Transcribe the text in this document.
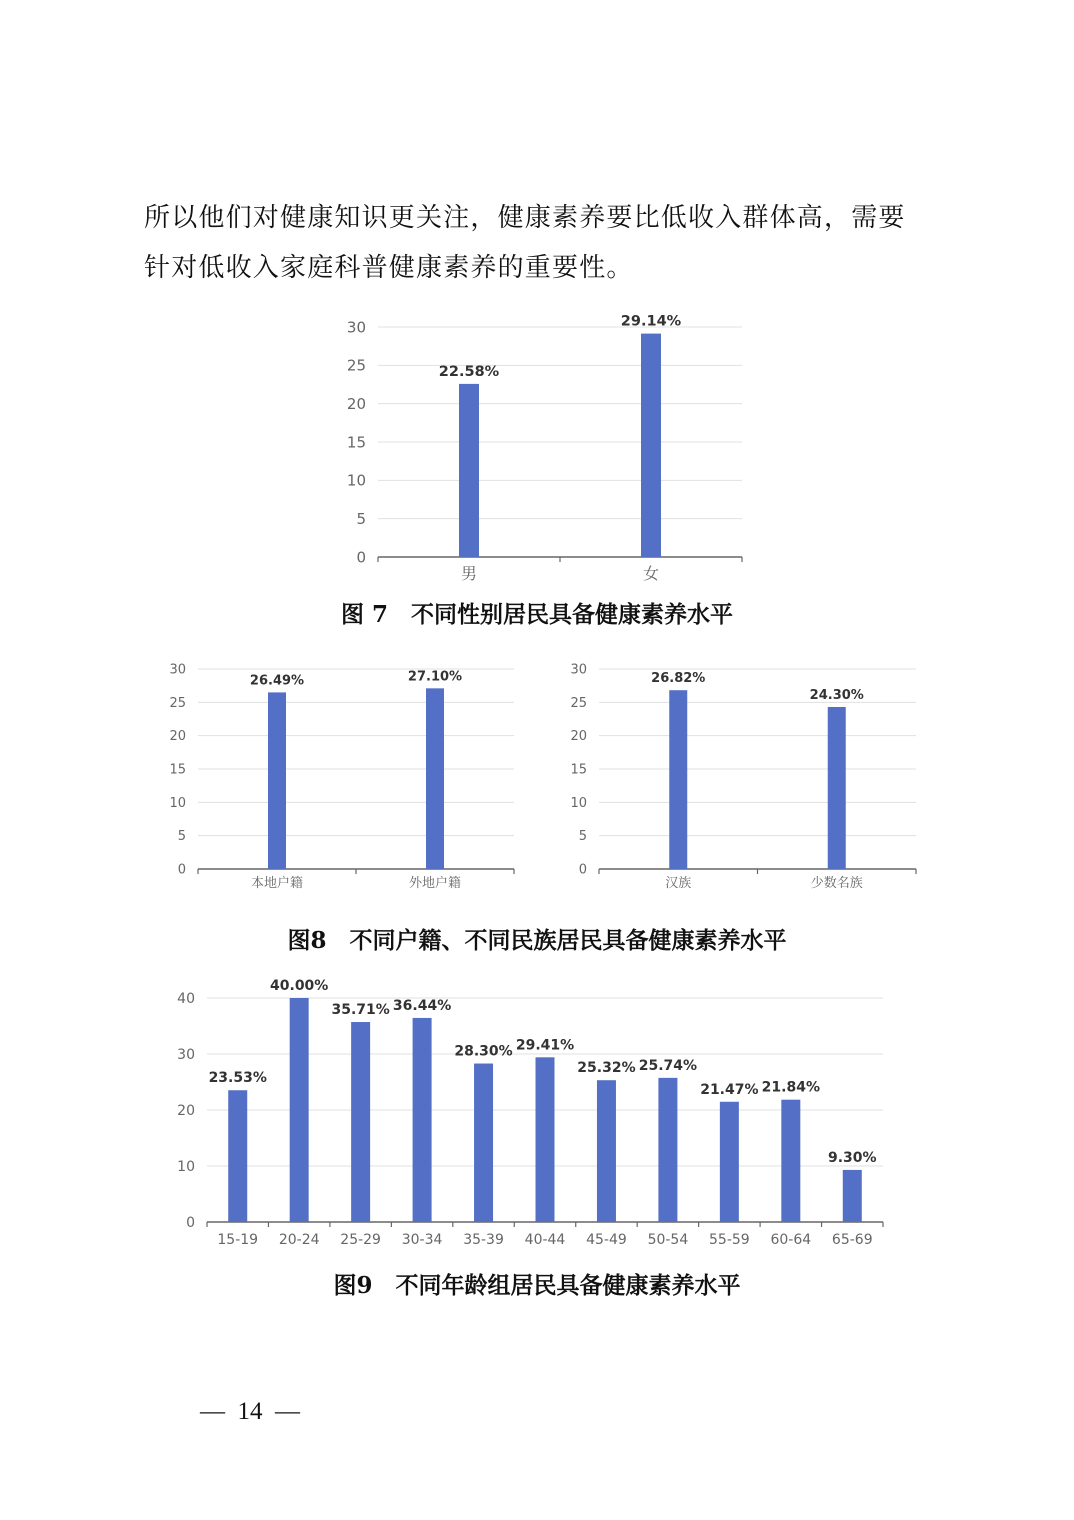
所以他们对健康知识更关注，健康素养要比低收入群体高，需要
针对低收入家庭科普健康素养的重要性。

0
5
10
15
20
25
30
22.58%
男
29.14%
女

图 7　不同性别居民具备健康素养水平

0
5
10
15
20
25
30
26.49%
本地户籍
27.10%
外地户籍
0
5
10
15
20
25
30
26.82%
汉族
24.30%
少数名族

图8　不同户籍、不同民族居民具备健康素养水平

0
10
20
30
40
23.53%
15-19
40.00%
20-24
35.71%
25-29
36.44%
30-34
28.30%
35-39
29.41%
40-44
25.32%
45-49
25.74%
50-54
21.47%
55-59
21.84%
60-64
9.30%
65-69

图9　不同年龄组居民具备健康素养水平

—  14  —
